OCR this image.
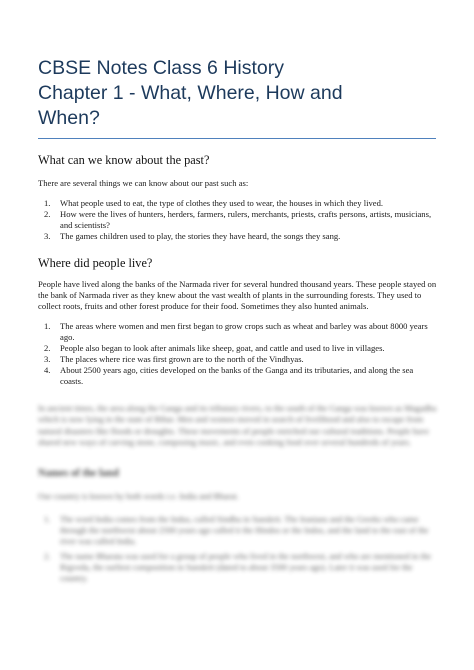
CBSE Notes Class 6 History
Chapter 1 - What, Where, How and
When?
What can we know about the past?

There are several things we can know about our past such as:

1. What people used to eat, the type of clothes they used to wear, the houses in which they lived.
2. How were the lives of hunters, herders, farmers, rulers, merchants, priests, crafts persons, artists, musicians, and scientists?
3. The games children used to play, the stories they have heard, the songs they sang.
Where did people live?

People have lived along the banks of the Narmada river for several hundred thousand years. These people stayed on the bank of Narmada river as they knew about the vast wealth of plants in the surrounding forests. They used to collect roots, fruits and other forest produce for their food. Sometimes they also hunted animals.

1. The areas where women and men first began to grow crops such as wheat and barley was about 8000 years ago.
2. People also began to look after animals like sheep, goat, and cattle and used to live in villages.
3. The places where rice was first grown are to the north of the Vindhyas.
4. About 2500 years ago, cities developed on the banks of the Ganga and its tributaries, and along the sea coasts.

In ancient times, the area along the Ganga and its tributary rivers, to the south of the Ganga was known as Magadha which is now lying in the state of Bihar. Men and women moved in search of livelihood and also to escape from natural disasters like floods or droughts. These movements of people enriched our cultural traditions. People have shared new ways of carving stone, composing music, and even cooking food over several hundreds of years.

Names of the land

Our country is known by both words i.e. India and Bharat.

1. The word India comes from the Indus, called Sindhu in Sanskrit. The Iranians and the Greeks who came through the northwest about 2500 years ago called it the Hindos or the Indos, and the land to the east of the river was called India.
2. The name Bharata was used for a group of people who lived in the northwest, and who are mentioned in the Rigveda, the earliest composition in Sanskrit (dated to about 3500 years ago). Later it was used for the country.
